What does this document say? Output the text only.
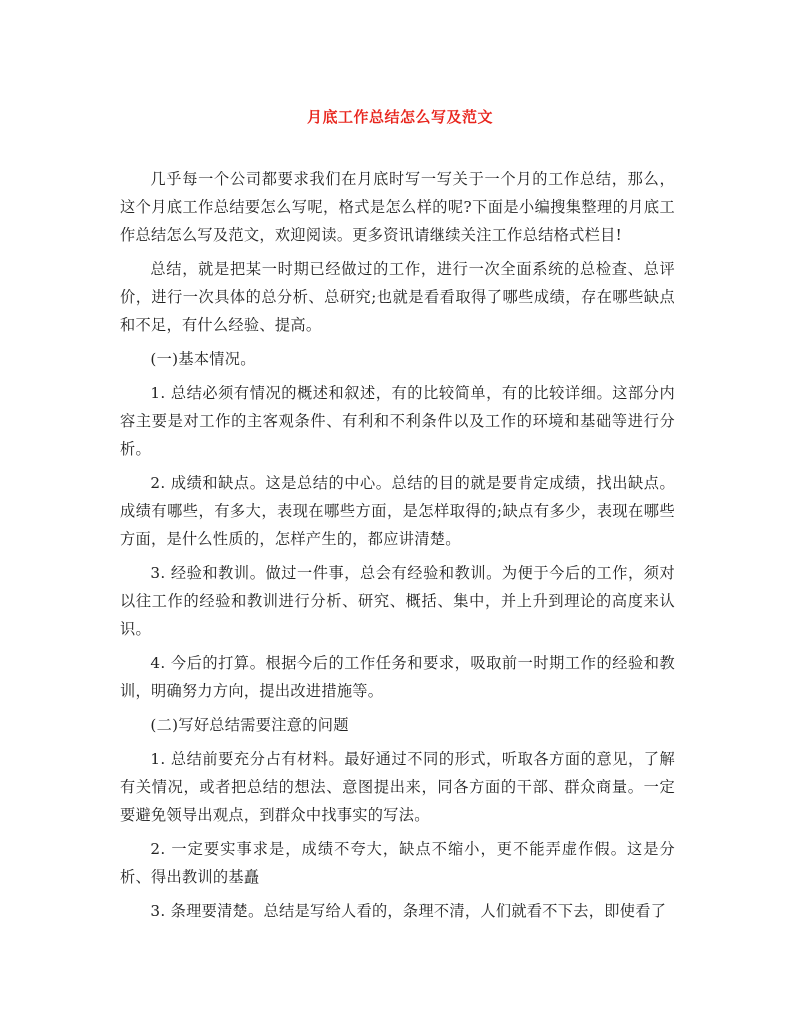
月底工作总结怎么写及范文

几乎每一个公司都要求我们在月底时写一写关于一个月的工作总结，那么，这个月底工作总结要怎么写呢，格式是怎么样的呢?下面是小编搜集整理的月底工作总结怎么写及范文，欢迎阅读。更多资讯请继续关注工作总结格式栏目!

总结，就是把某一时期已经做过的工作，进行一次全面系统的总检查、总评价，进行一次具体的总分析、总研究;也就是看看取得了哪些成绩，存在哪些缺点和不足，有什么经验、提高。

(一)基本情况。

1. 总结必须有情况的概述和叙述，有的比较简单，有的比较详细。这部分内容主要是对工作的主客观条件、有利和不利条件以及工作的环境和基础等进行分析。

2. 成绩和缺点。这是总结的中心。总结的目的就是要肯定成绩，找出缺点。成绩有哪些，有多大，表现在哪些方面，是怎样取得的;缺点有多少，表现在哪些方面，是什么性质的，怎样产生的，都应讲清楚。

3. 经验和教训。做过一件事，总会有经验和教训。为便于今后的工作，须对以往工作的经验和教训进行分析、研究、概括、集中，并上升到理论的高度来认识。

4. 今后的打算。根据今后的工作任务和要求，吸取前一时期工作的经验和教训，明确努力方向，提出改进措施等。

(二)写好总结需要注意的问题

1. 总结前要充分占有材料。最好通过不同的形式，听取各方面的意见，了解有关情况，或者把总结的想法、意图提出来，同各方面的干部、群众商量。一定要避免领导出观点，到群众中找事实的写法。

2. 一定要实事求是，成绩不夸大，缺点不缩小，更不能弄虚作假。这是分析、得出教训的基矗

3. 条理要清楚。总结是写给人看的，条理不清，人们就看不下去，即使看了
